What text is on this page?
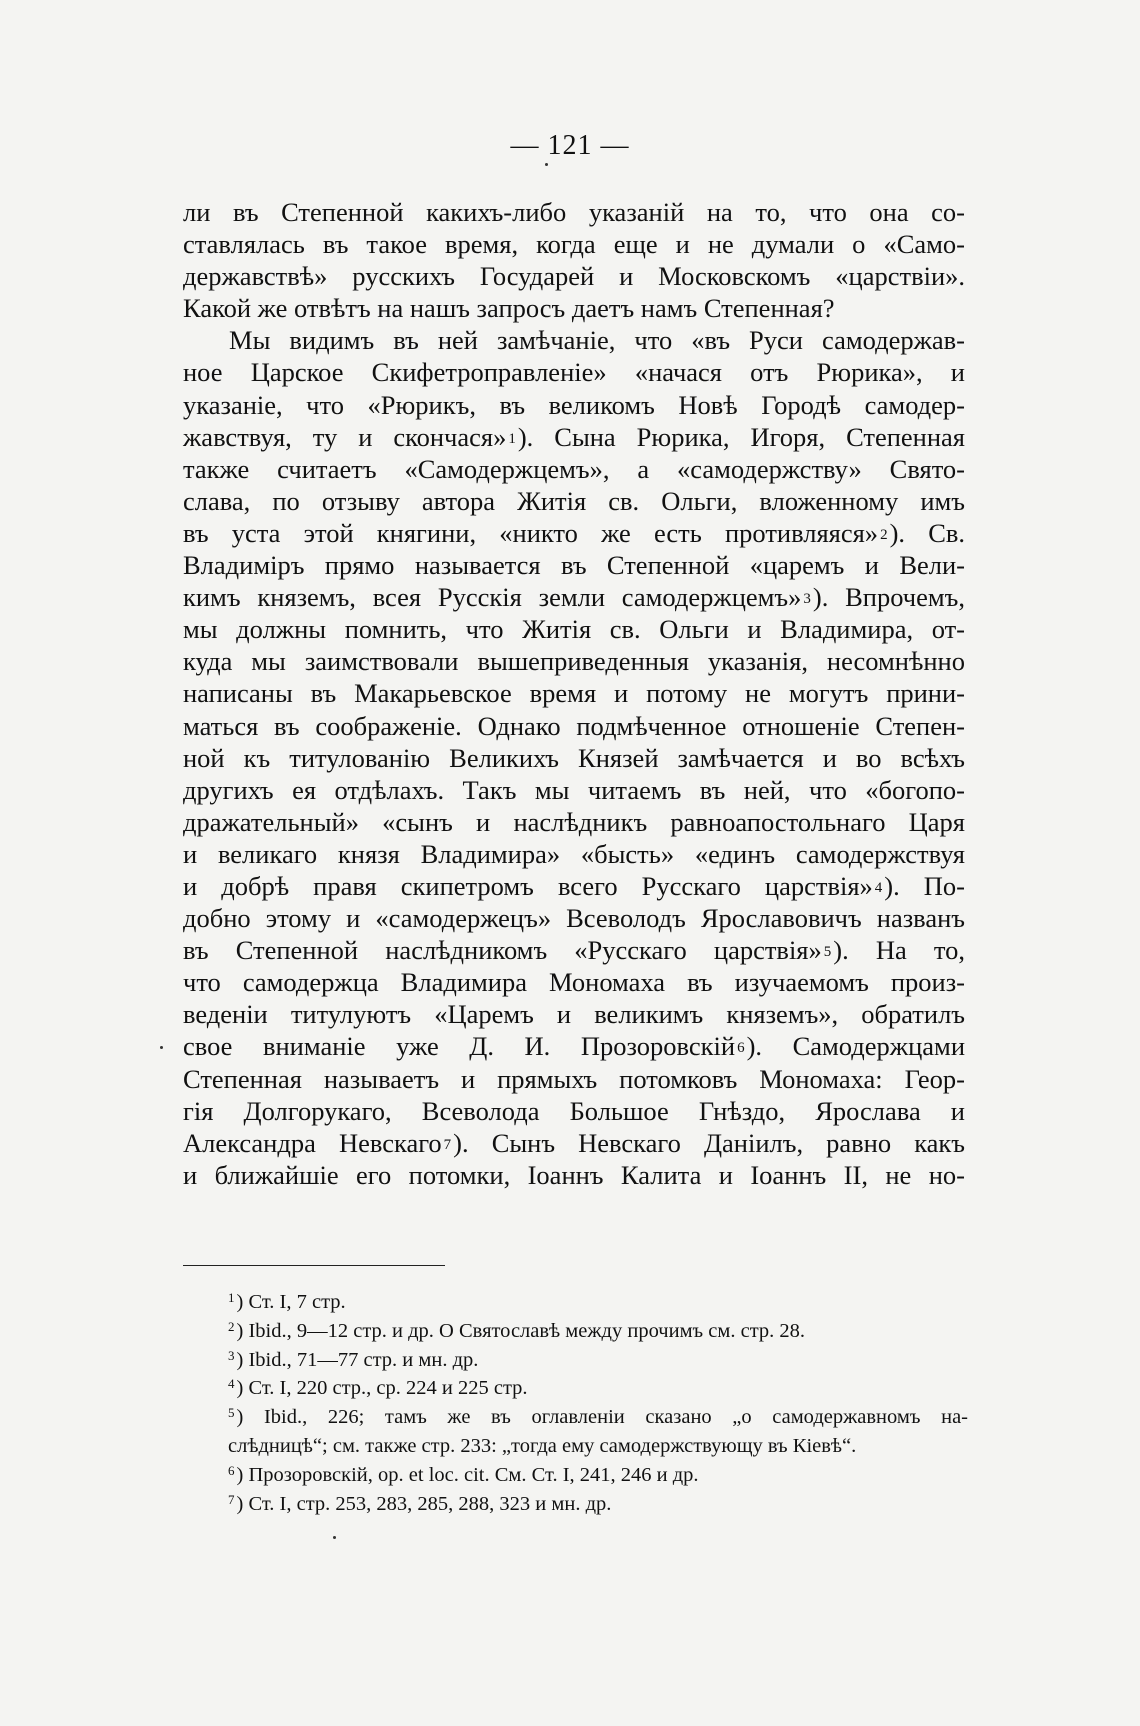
— 121 —
ли въ Степенной какихъ-либо указаній на то, что она со-
ставлялась въ такое время, когда еще и не думали о «Само-
державствѣ» русскихъ Государей и Московскомъ «царствіи».
Какой же отвѣтъ на нашъ запросъ даетъ намъ Степенная?
Мы видимъ въ ней замѣчаніе, что «въ Руси самодержав-
ное Царское Скифетроправленіе» «начася отъ Рюрика», и
указаніе, что «Рюрикъ, въ великомъ Новѣ Городѣ самодер-
жавствуя, ту и скончася» $^1$). Сына Рюрика, Игоря, Степенная
также считаетъ «Самодержцемъ», а «самодержству» Свято-
слава, по отзыву автора Житія св. Ольги, вложенному имъ
въ уста этой княгини, «никто же есть противляяся» $^2$). Св.
Владиміръ прямо называется въ Степенной «царемъ и Вели-
кимъ княземъ, всея Русскія земли самодержцемъ» $^3$). Впрочемъ,
мы должны помнить, что Житія св. Ольги и Владимира, от-
куда мы заимствовали вышеприведенныя указанія, несомнѣнно
написаны въ Макарьевское время и потому не могутъ прини-
маться въ соображеніе. Однако подмѣченное отношеніе Степен-
ной къ титулованію Великихъ Князей замѣчается и во всѣхъ
другихъ ея отдѣлахъ. Такъ мы читаемъ въ ней, что «богопо-
дражательный» «сынъ и наслѣдникъ равноапостольнаго Царя
и великаго князя Владимира» «бысть» «единъ самодержствуя
и добрѣ правя скипетромъ всего Русскаго царствія» $^4$). По-
добно этому и «самодержецъ» Всеволодъ Ярославовичъ названъ
въ Степенной наслѣдникомъ «Русскаго царствія» $^5$). На то,
что самодержца Владимира Мономаха въ изучаемомъ произ-
веденіи титулуютъ «Царемъ и великимъ княземъ», обратилъ
свое вниманіе уже Д. И. Прозоровскій $^6$). Самодержцами
Степенная называетъ и прямыхъ потомковъ Мономаха: Геор-
гія Долгорукаго, Всеволода Большое Гнѣздо, Ярослава и
Александра Невскаго $^7$). Сынъ Невскаго Даніилъ, равно какъ
и ближайшіе его потомки, Іоаннъ Калита и Іоаннъ II, не но-
$^1$) Ст. I, 7 стр.
$^2$) Ibid., 9—12 стр. и др. О Святославѣ между прочимъ см. стр. 28.
$^3$) Ibid., 71—77 стр. и мн. др.
$^4$) Ст. I, 220 стр., ср. 224 и 225 стр.
$^5$) Ibid., 226; тамъ же въ оглавленіи сказано „о самодержавномъ на-
слѣдницѣ“; см. также стр. 233: „тогда ему самодержствующу въ Кіевѣ“.
$^6$) Прозоровскій, op. et loc. cit. См. Ст. I, 241, 246 и др.
$^7$) Ст. I, стр. 253, 283, 285, 288, 323 и мн. др.
